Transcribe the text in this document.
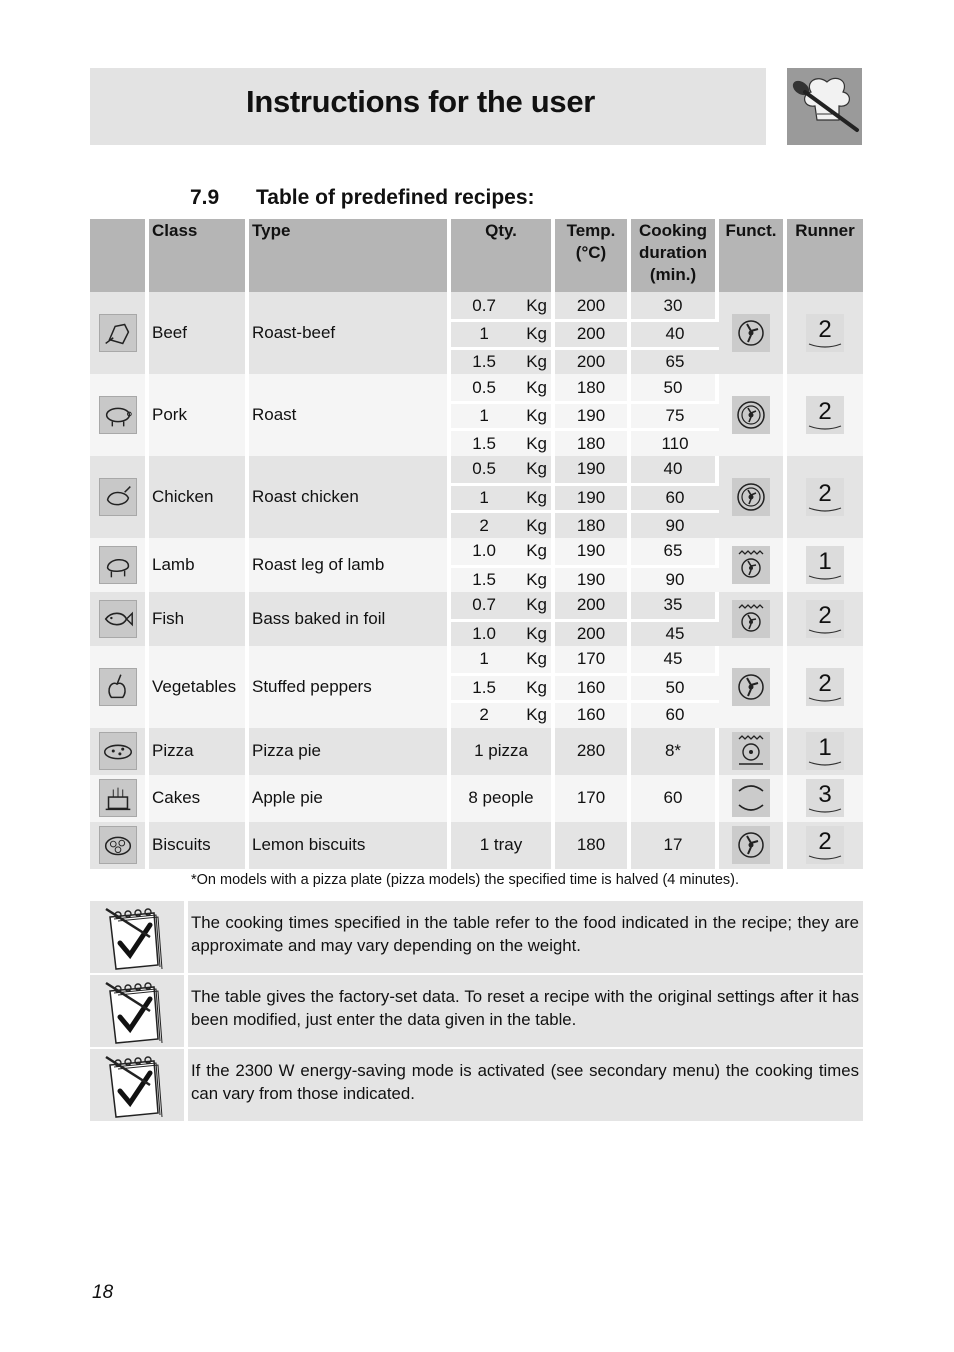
Instructions for the user
7.9 Table of predefined recipes:
	Class	Type	Qty.		Temp.
(°C)	Cooking
duration
(min.)	Funct.	Runner

	Beef	Roast-beef	0.7	Kg	200	30		2

			1	Kg	200	40		
			1.5	Kg	200	65		

	Pork	Roast	0.5	Kg	180	50		2

			1	Kg	190	75		
			1.5	Kg	180	110		

	Chicken	Roast chicken	0.5	Kg	190	40		2

			1	Kg	190	60		
			2	Kg	180	90		

	Lamb	Roast leg of lamb	1.0	Kg	190	65		1

			1.5	Kg	190	90		

	Fish	Bass baked in foil	0.7	Kg	200	35		2

			1.0	Kg	200	45		

	Vegetables	Stuffed peppers	1	Kg	170	45		2

			1.5	Kg	160	50		
			2	Kg	160	60		

	Pizza	Pizza pie	1 pizza		280	8*		1

	Cakes	Apple pie	8 people		170	60		3

	Biscuits	Lemon biscuits	1 tray		180	17		2
*On models with a pizza plate (pizza models) the specified time is halved (4 minutes).
The cooking times specified in the table refer to the food indicated in the recipe; they are approximate and may vary depending on the weight.
The table gives the factory-set data. To reset a recipe with the original settings after it has been modified, just enter the data given in the table.
If the 2300 W energy-saving mode is activated (see secondary menu) the cooking times can vary from those indicated.
18
